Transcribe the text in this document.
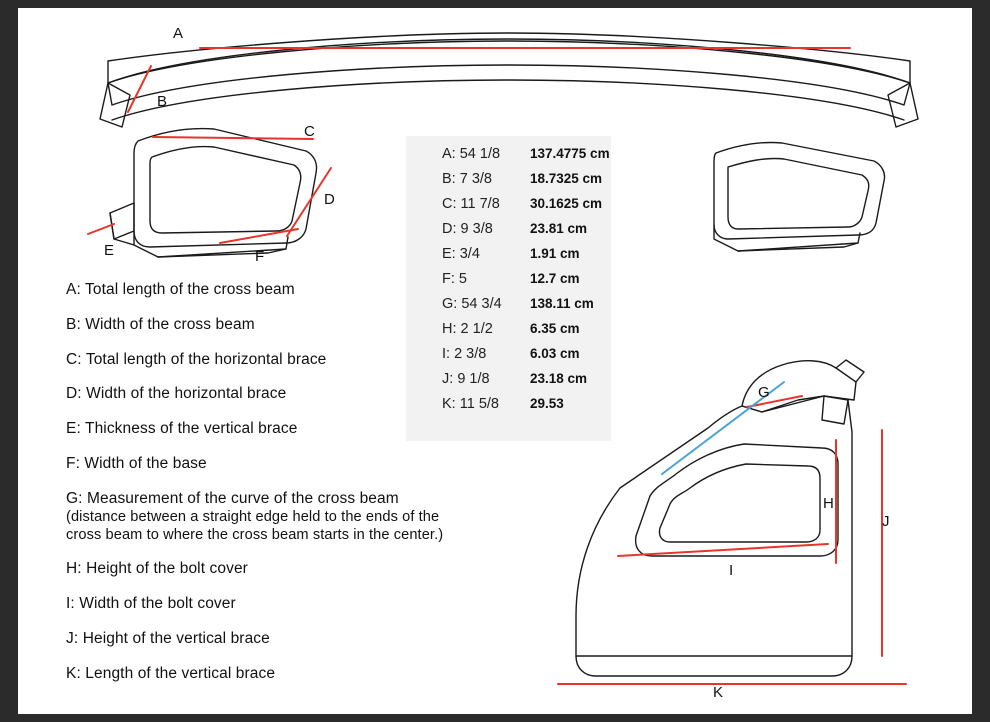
A
B
C
D
E	F
G
H
I
J
K
A: 54 1/8 137.4775 cm
B: 7 3/8	18.7325 cm
C: 11 7/8 30.1625 cm
D: 9 3/8	23.81 cm
E: 3/4	1.91 cm
F: 5	12.7 cm
G: 54 3/4 138.11 cm
H: 2 1/2	6.35 cm
I: 2 3/8	6.03 cm
J: 9 1/8	23.18 cm
K: 11 5/8 29.53
A: Total length of the cross beam
B: Width of the cross beam
C: Total length of the horizontal brace
D: Width of the horizontal brace
E: Thickness of the vertical brace
F: Width of the base
G: Measurement of the curve of the cross beam
(distance between a straight edge held to the ends of the cross beam to where the cross beam starts in the center.)
H: Height of the bolt cover
I: Width of the bolt cover
J: Height of the vertical brace
K: Length of the vertical brace
